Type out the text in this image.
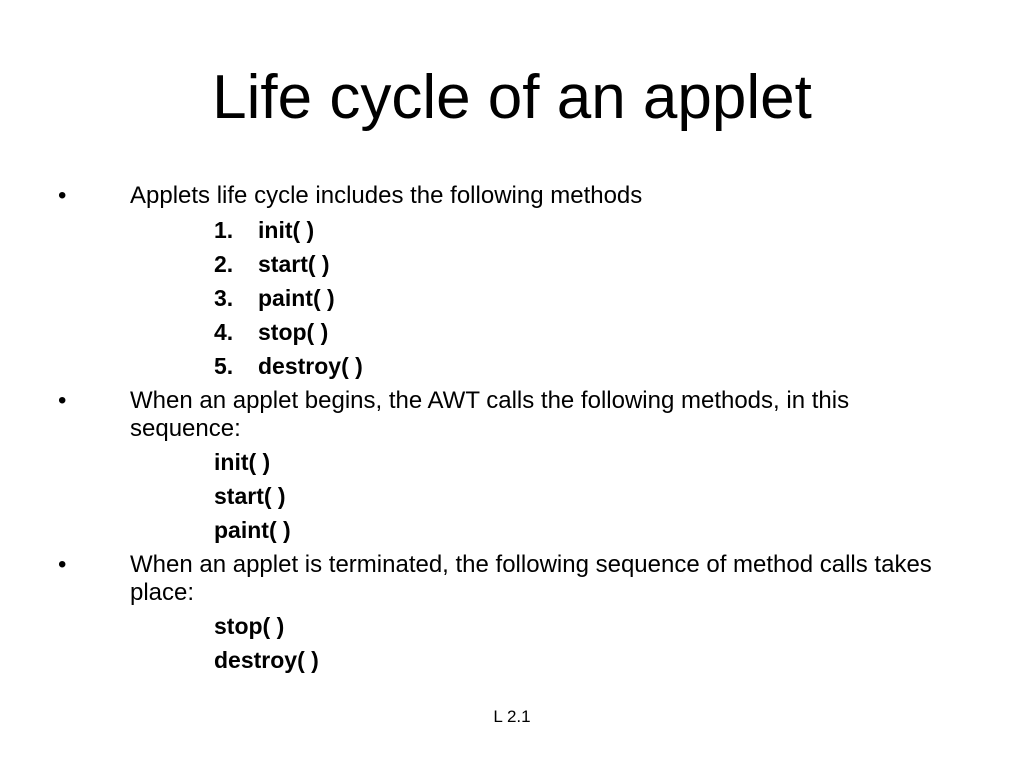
Life cycle of an applet
•	Applets life cycle includes the following methods
1. init( )
2. start( )
3. paint( )
4. stop( )
5. destroy( )
•	When an applet begins, the AWT calls the following methods, in this sequence:
init( )
start( )
paint( )
•	When an applet is terminated, the following sequence of method calls takes place:
stop( )
destroy( )
L 2.1
